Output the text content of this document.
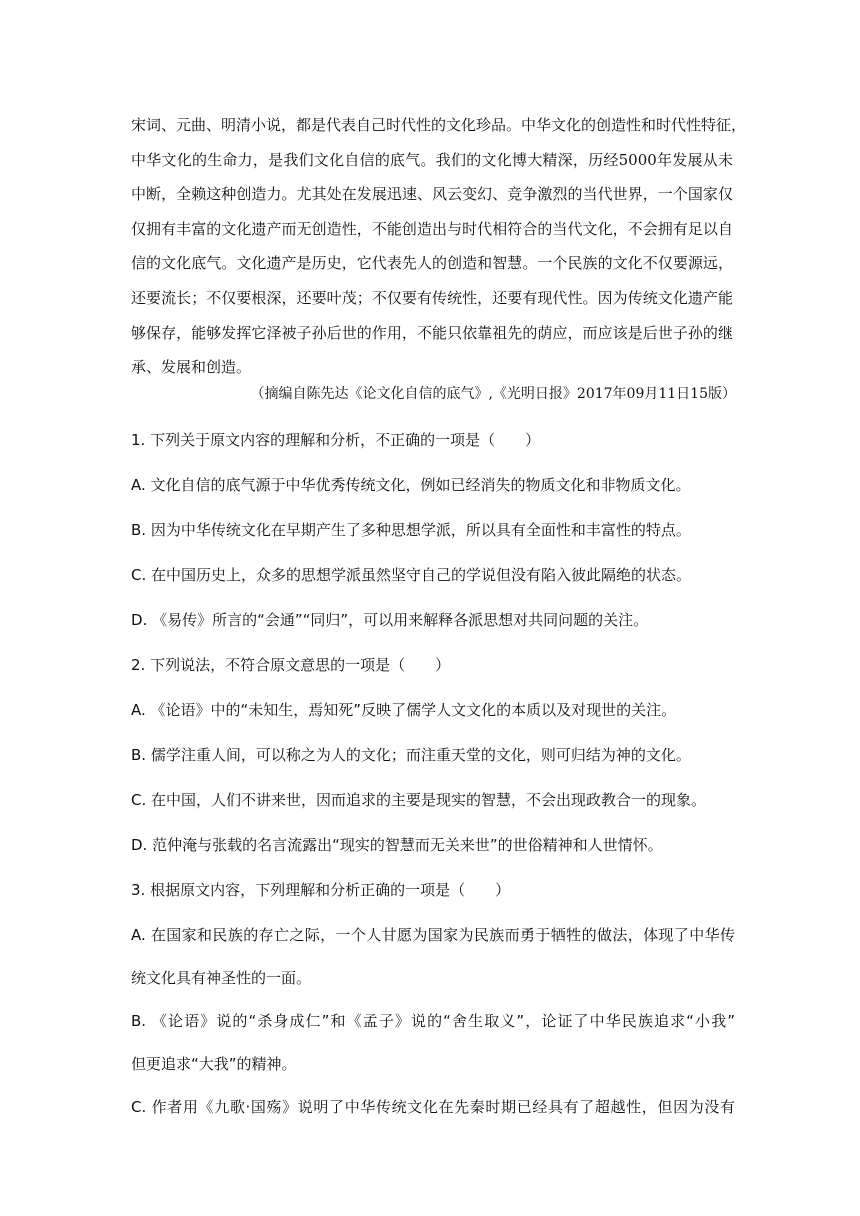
宋词、元曲、明清小说，都是代表自己时代性的文化珍品。中华文化的创造性和时代性特征，
中华文化的生命力，是我们文化自信的底气。我们的文化博大精深，历经5000年发展从未
中断，全赖这种创造力。尤其处在发展迅速、风云变幻、竞争激烈的当代世界，一个国家仅
仅拥有丰富的文化遗产而无创造性，不能创造出与时代相符合的当代文化，不会拥有足以自
信的文化底气。文化遗产是历史，它代表先人的创造和智慧。一个民族的文化不仅要源远，
还要流长；不仅要根深，还要叶茂；不仅要有传统性，还要有现代性。因为传统文化遗产能
够保存，能够发挥它泽被子孙后世的作用，不能只依靠祖先的荫应，而应该是后世子孙的继
承、发展和创造。
（摘编自陈先达《论文化自信的底气》,《光明日报》2017年09月11日15版）
1. 下列关于原文内容的理解和分析，不正确的一项是（　　）
A. 文化自信的底气源于中华优秀传统文化，例如已经消失的物质文化和非物质文化。
B. 因为中华传统文化在早期产生了多种思想学派，所以具有全面性和丰富性的特点。
C. 在中国历史上，众多的思想学派虽然坚守自己的学说但没有陷入彼此隔绝的状态。
D. 《易传》所言的“会通”“同归”，可以用来解释各派思想对共同问题的关注。
2. 下列说法，不符合原文意思的一项是（　　）
A. 《论语》中的“未知生，焉知死”反映了儒学人文文化的本质以及对现世的关注。
B. 儒学注重人间，可以称之为人的文化；而注重天堂的文化，则可归结为神的文化。
C. 在中国，人们不讲来世，因而追求的主要是现实的智慧，不会出现政教合一的现象。
D. 范仲淹与张载的名言流露出“现实的智慧而无关来世”的世俗精神和人世情怀。
3. 根据原文内容，下列理解和分析正确的一项是（　　）
A. 在国家和民族的存亡之际，一个人甘愿为国家为民族而勇于牺牲的做法，体现了中华传
统文化具有神圣性的一面。
B. 《论语》说的“杀身成仁”和《孟子》说的“舍生取义”，论证了中华民族追求“小我”
但更追求“大我”的精神。
C. 作者用《九歌·国殇》说明了中华传统文化在先秦时期已经具有了超越性，但因为没有
